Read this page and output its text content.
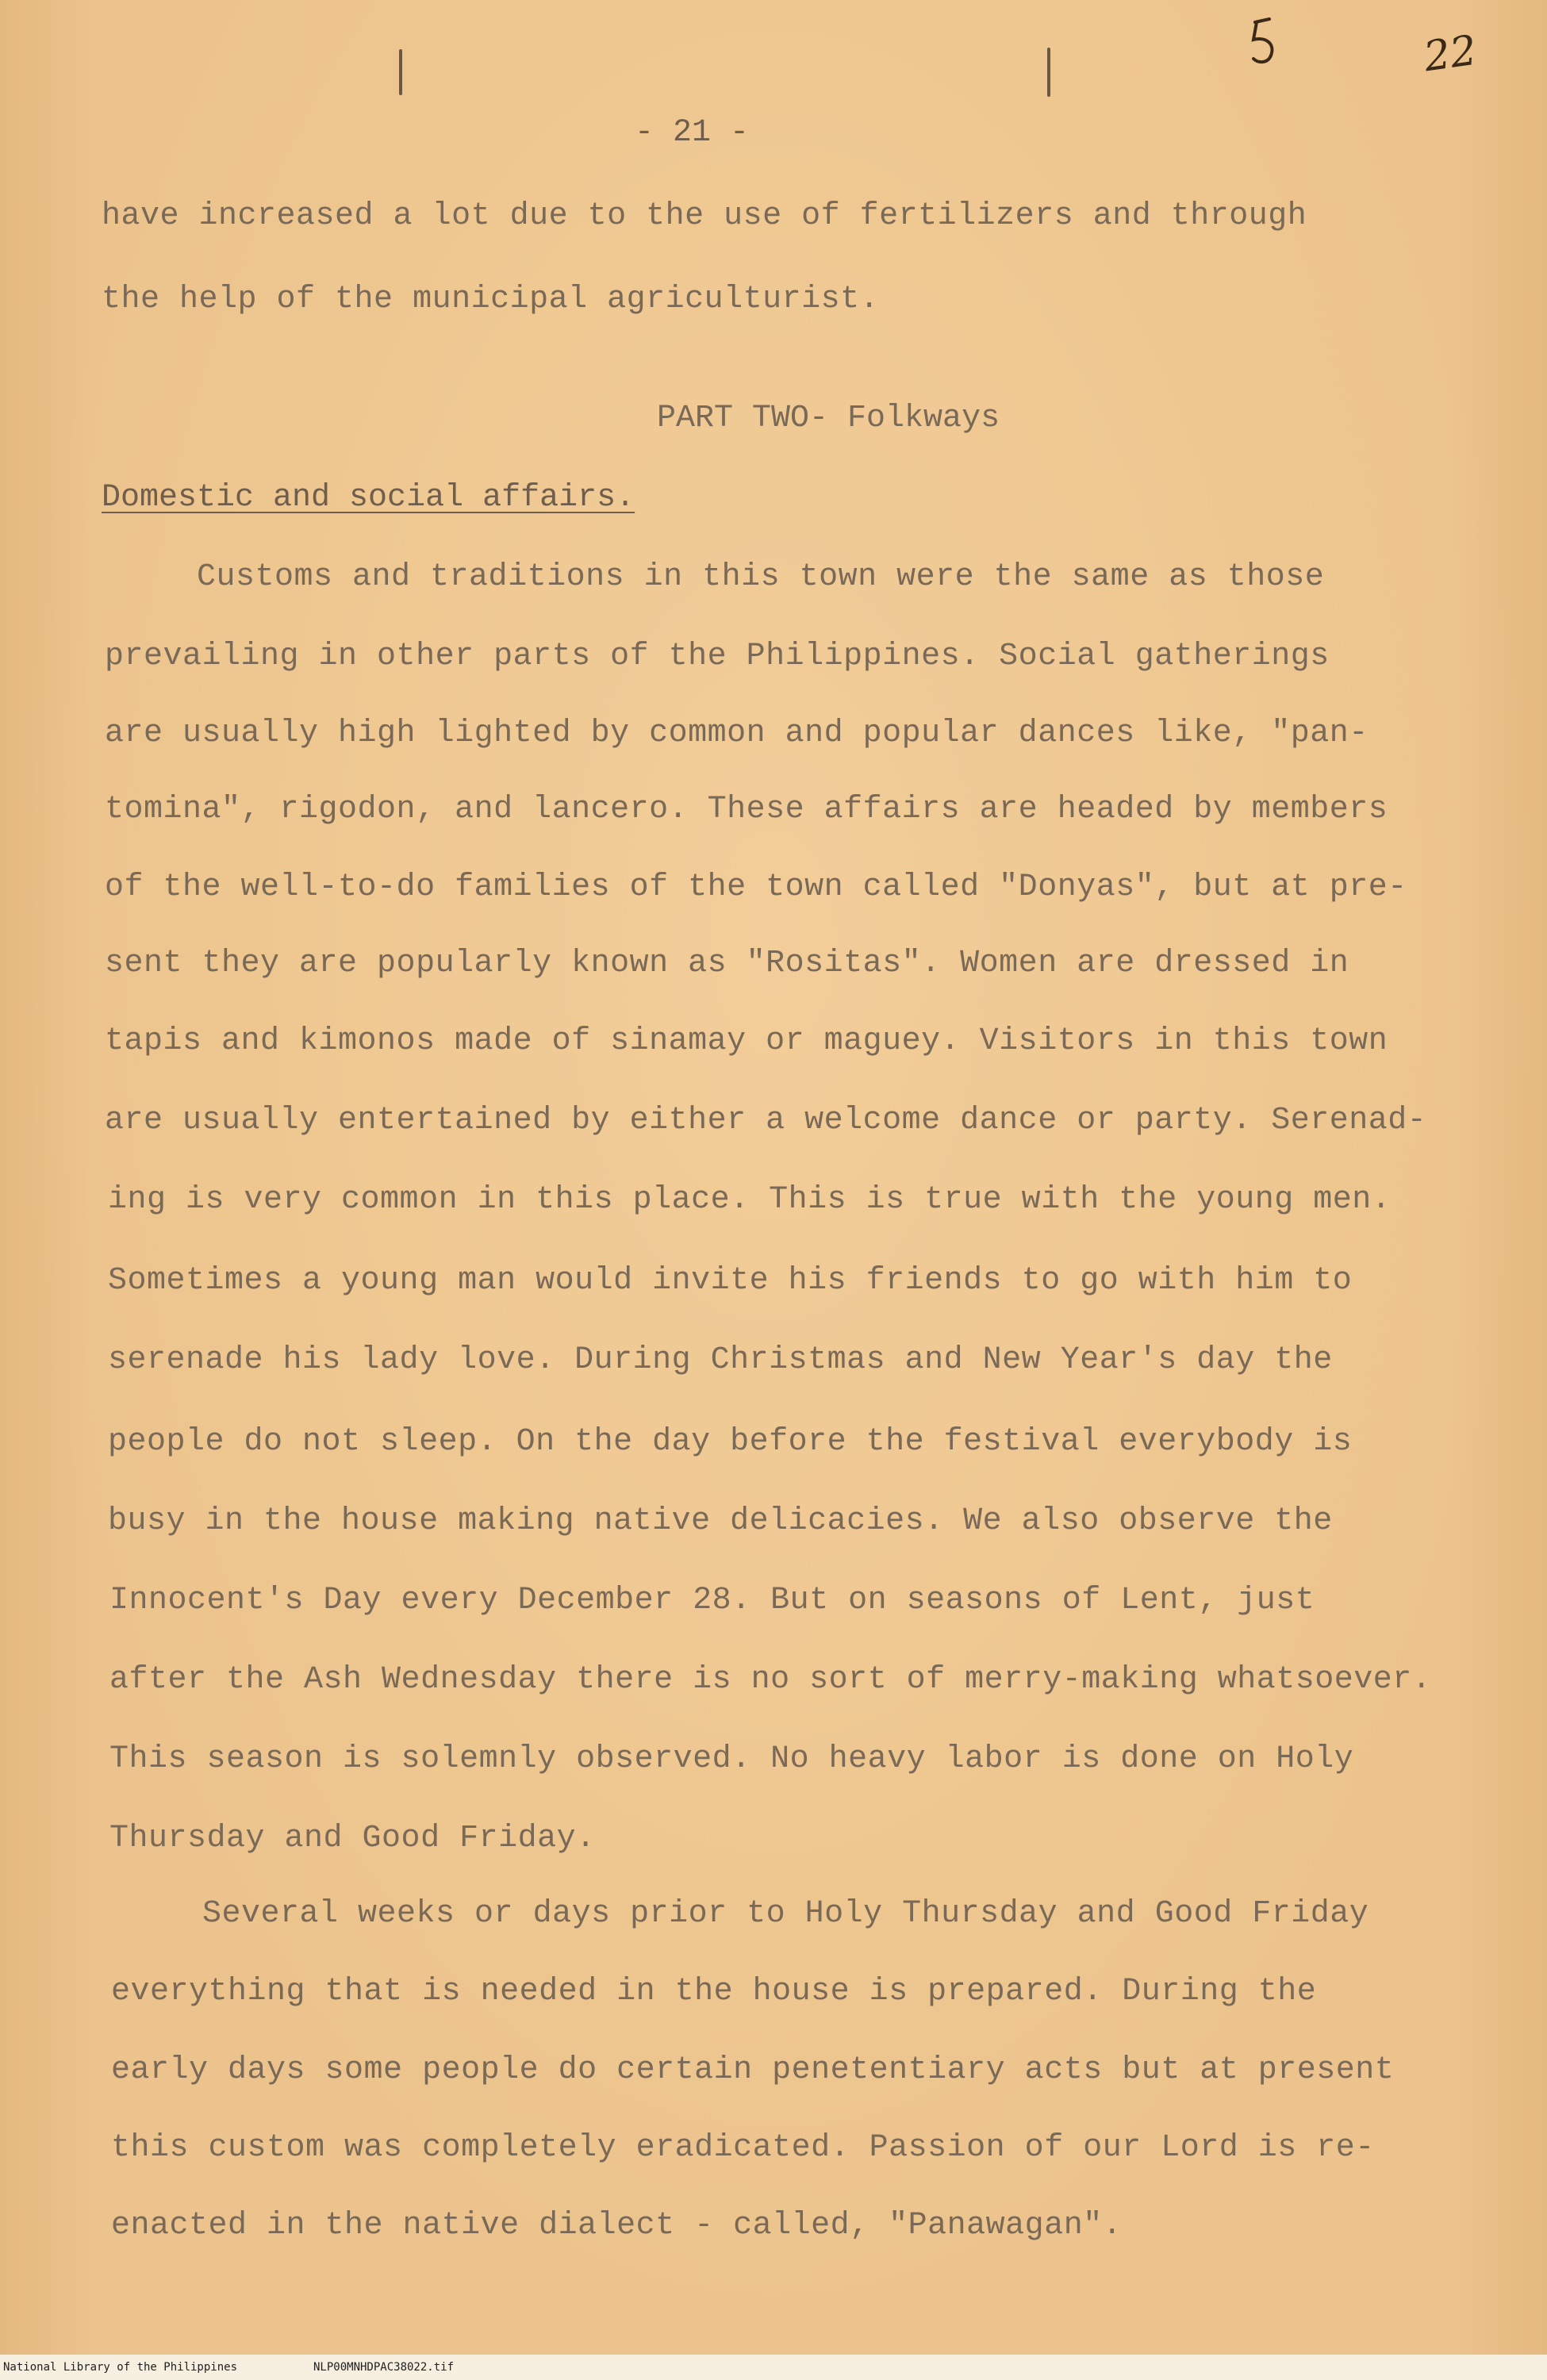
22
- 21 -
have increased a lot due to the use of fertilizers and through
the help of the municipal agriculturist.
PART TWO- Folkways
Domestic and social affairs.
Customs and traditions in this town were the same as those
prevailing in other parts of the Philippines. Social gatherings
are usually high lighted by common and popular dances like, "pan-
tomina", rigodon, and lancero. These affairs are headed by members
of the well-to-do families of the town called "Donyas", but at pre-
sent they are popularly known as "Rositas". Women are dressed in
tapis and kimonos made of sinamay or maguey. Visitors in this town
are usually entertained by either a welcome dance or party. Serenad-
ing is very common in this place. This is true with the young men.
Sometimes a young man would invite his friends to go with him to
serenade his lady love. During Christmas and New Year's day the
people do not sleep. On the day before the festival everybody is
busy in the house making native delicacies. We also observe the
Innocent's Day every December 28. But on seasons of Lent, just
after the Ash Wednesday there is no sort of merry-making whatsoever.
This season is solemnly observed. No heavy labor is done on Holy
Thursday and Good Friday.
Several weeks or days prior to Holy Thursday and Good Friday
everything that is needed in the house is prepared. During the
early days some people do certain penetentiary acts but at present
this custom was completely eradicated. Passion of our Lord is re-
enacted in the native dialect - called, "Panawagan".
National Library of the Philippines	NLP00MNHDPAC38022.tif
